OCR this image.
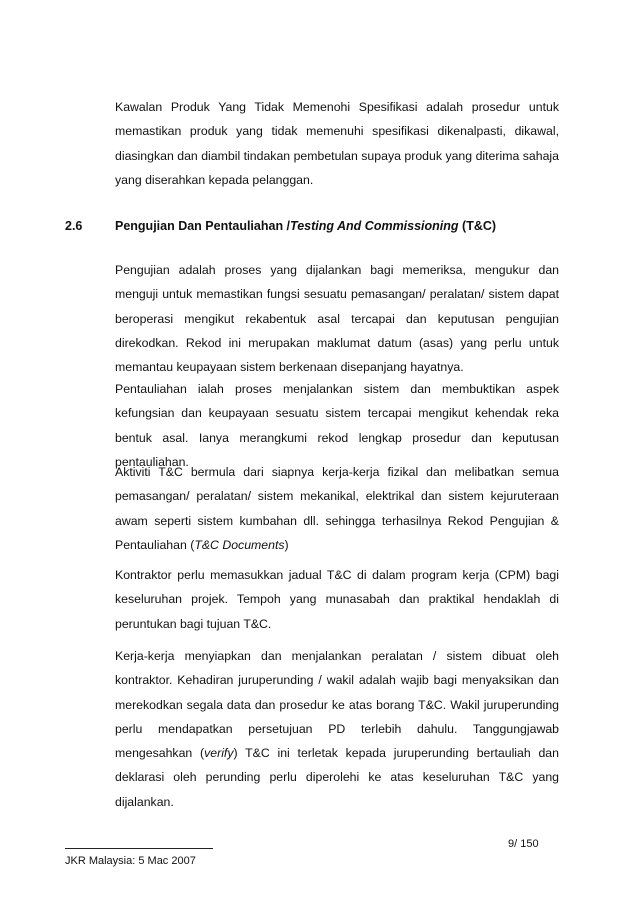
Kawalan Produk Yang Tidak Memenohi Spesifikasi adalah prosedur untuk memastikan produk yang tidak memenuhi spesifikasi dikenalpasti, dikawal, diasingkan dan diambil tindakan pembetulan supaya produk yang diterima sahaja yang diserahkan kepada pelanggan.

2.6	Pengujian Dan Pentauliahan /Testing And Commissioning (T&C)

Pengujian adalah proses yang dijalankan bagi memeriksa, mengukur dan menguji untuk memastikan fungsi sesuatu pemasangan/ peralatan/ sistem dapat beroperasi mengikut rekabentuk asal tercapai dan keputusan pengujian direkodkan. Rekod ini merupakan maklumat datum (asas) yang perlu untuk memantau keupayaan sistem berkenaan disepanjang hayatnya.

Pentauliahan ialah proses menjalankan sistem dan membuktikan aspek kefungsian dan keupayaan sesuatu sistem tercapai mengikut kehendak reka bentuk asal. Ianya merangkumi rekod lengkap prosedur dan keputusan pentauliahan.

Aktiviti T&C bermula dari siapnya kerja-kerja fizikal dan melibatkan semua pemasangan/ peralatan/ sistem mekanikal, elektrikal dan sistem kejuruteraan awam seperti sistem kumbahan dll. sehingga terhasilnya Rekod Pengujian & Pentauliahan (T&C Documents)

Kontraktor perlu memasukkan jadual T&C di dalam program kerja (CPM) bagi keseluruhan projek. Tempoh yang munasabah dan praktikal hendaklah di peruntukan bagi tujuan T&C.

Kerja-kerja menyiapkan dan menjalankan peralatan / sistem dibuat oleh kontraktor. Kehadiran juruperunding / wakil adalah wajib bagi menyaksikan dan merekodkan segala data dan prosedur ke atas borang T&C. Wakil juruperunding perlu mendapatkan persetujuan PD terlebih dahulu. Tanggungjawab mengesahkan (verify) T&C ini terletak kepada juruperunding bertauliah dan deklarasi oleh perunding perlu diperolehi ke atas keseluruhan T&C yang dijalankan.

9/ 150
JKR Malaysia: 5 Mac 2007
